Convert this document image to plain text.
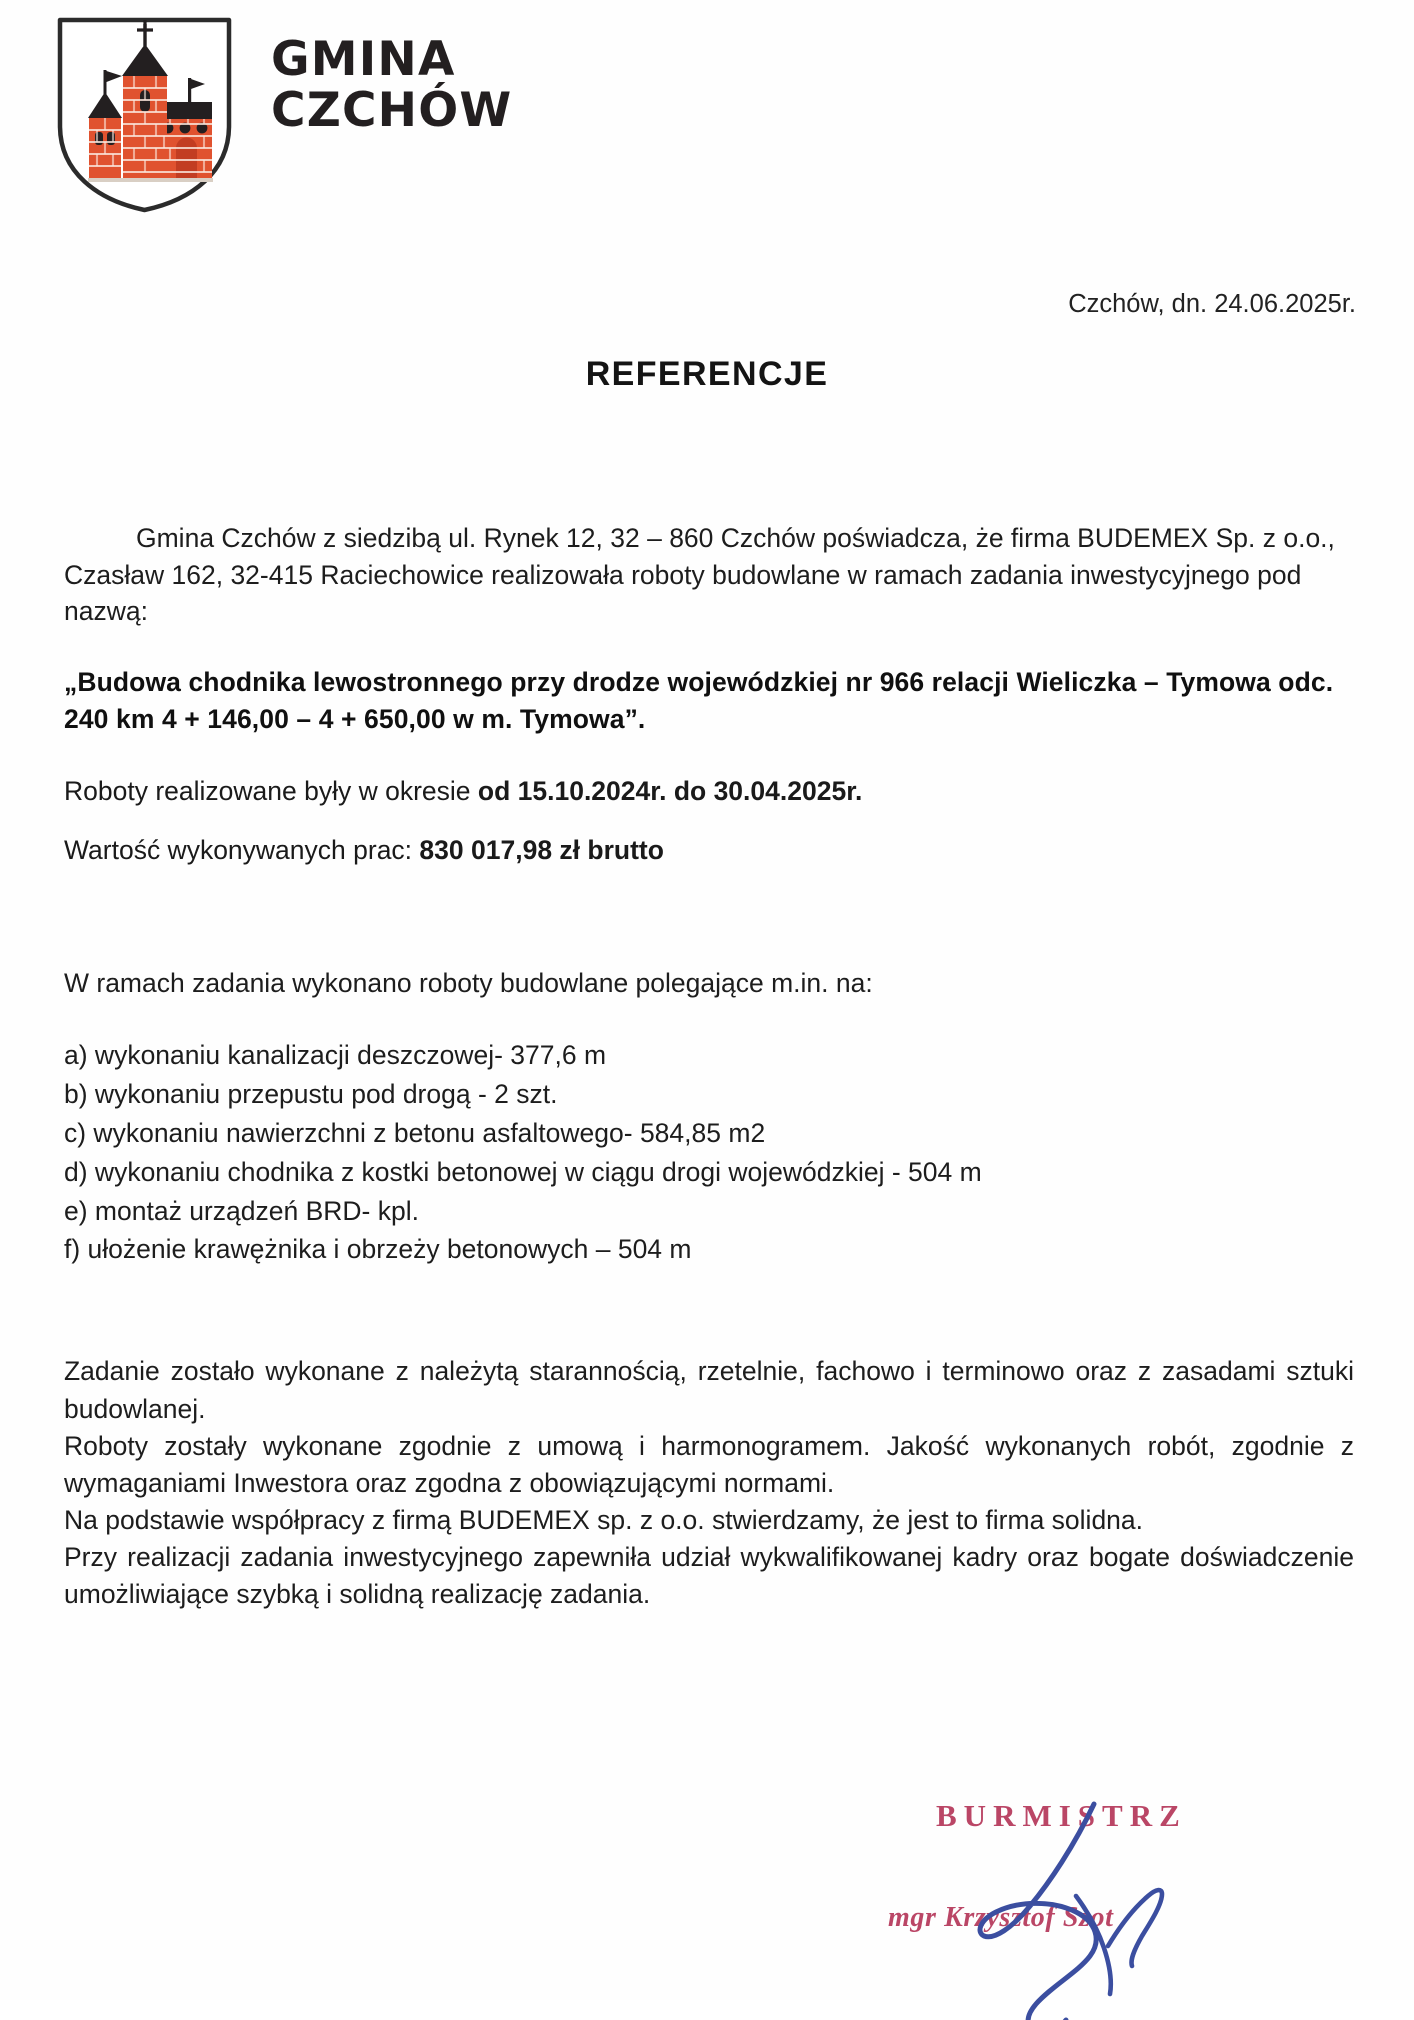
GMINA
CZCHÓW
Czchów, dn. 24.06.2025r.
REFERENCJE

Gmina Czchów z siedzibą ul. Rynek 12, 32 – 860 Czchów poświadcza, że firma BUDEMEX Sp. z o.o., Czasław 162, 32-415 Raciechowice realizowała roboty budowlane w ramach zadania inwestycyjnego pod nazwą:

„Budowa chodnika lewostronnego przy drodze wojewódzkiej nr 966 relacji Wieliczka – Tymowa odc. 240 km 4 + 146,00 – 4 + 650,00 w m. Tymowa”.

Roboty realizowane były w okresie od 15.10.2024r. do 30.04.2025r.
Wartość wykonywanych prac: 830 017,98 zł brutto

W ramach zadania wykonano roboty budowlane polegające m.in. na:

a) wykonaniu kanalizacji deszczowej- 377,6 m
b) wykonaniu przepustu pod drogą - 2 szt.
c) wykonaniu nawierzchni z betonu asfaltowego- 584,85 m2
d) wykonaniu chodnika z kostki betonowej w ciągu drogi wojewódzkiej - 504 m
e) montaż urządzeń BRD- kpl.
f) ułożenie krawężnika i obrzeży betonowych – 504 m

Zadanie zostało wykonane z należytą starannością, rzetelnie, fachowo i terminowo oraz z zasadami sztuki budowlanej.

Roboty zostały wykonane zgodnie z umową i harmonogramem. Jakość wykonanych robót, zgodnie z wymaganiami Inwestora oraz zgodna z obowiązującymi normami.

Na podstawie współpracy z firmą BUDEMEX sp. z o.o. stwierdzamy, że jest to firma solidna.

Przy realizacji zadania inwestycyjnego zapewniła udział wykwalifikowanej kadry oraz bogate doświadczenie umożliwiające szybką i solidną realizację zadania.

BURMISTRZ
mgr Krzysztof Szot
